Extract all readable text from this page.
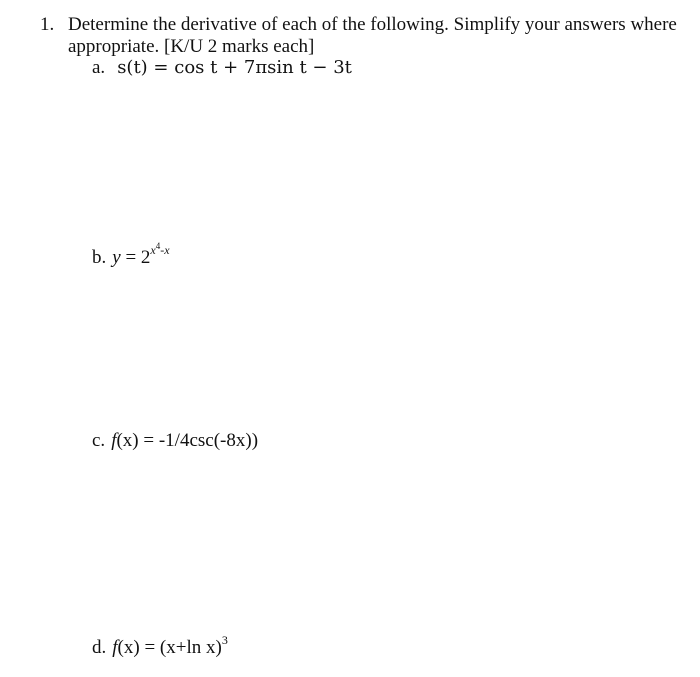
1. Determine the derivative of each of the following. Simplify your answers where appropriate. [K/U 2 marks each]
a. s(t) = cos t + 7πsin t − 3t
b. $y = 2^{x^4-x}$
c. f(x) = -1/4csc(-8x))
d. f(x) = (x+ln x)$^3$
